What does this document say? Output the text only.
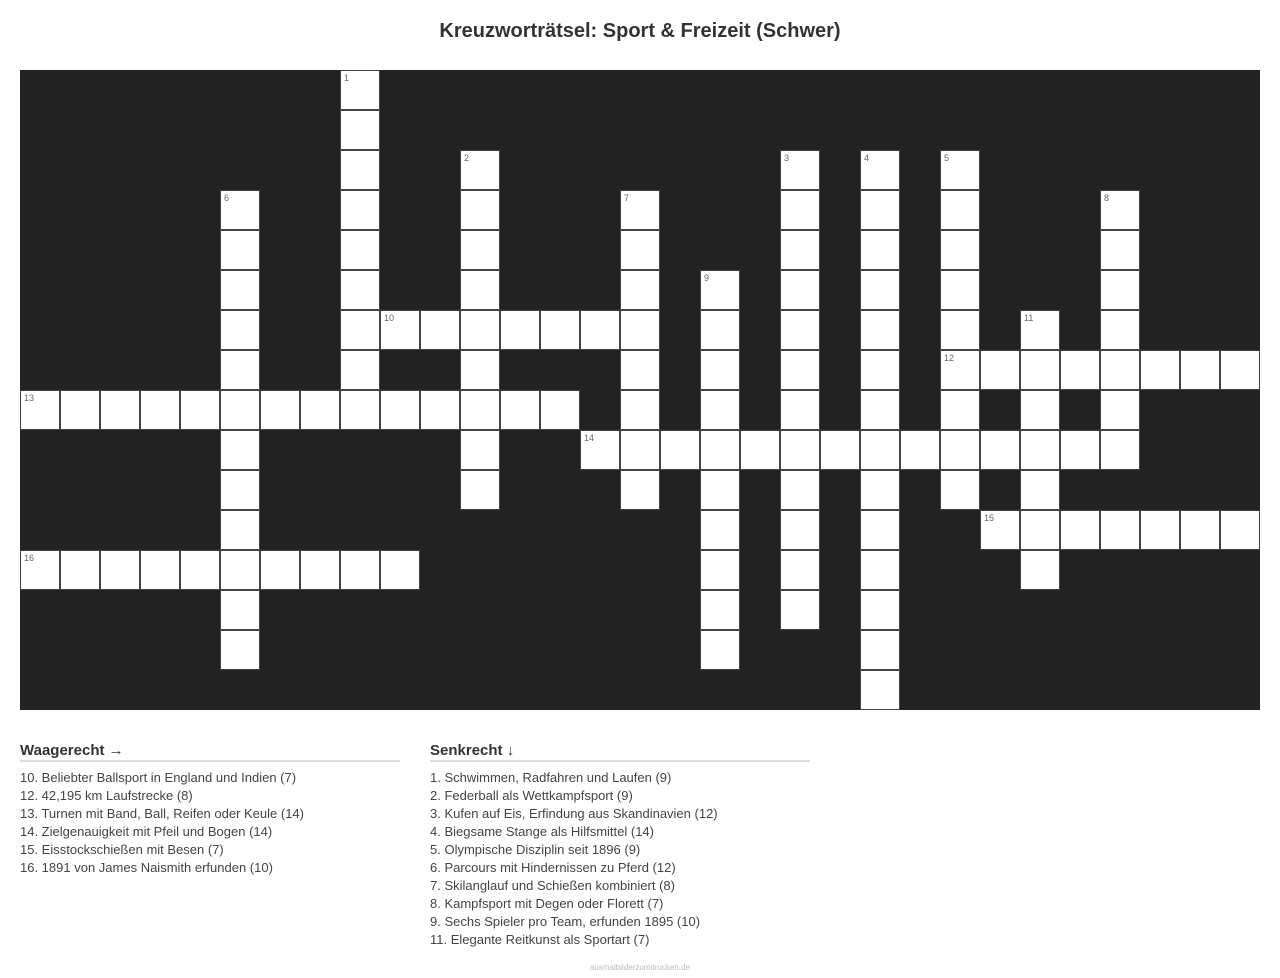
Kreuzworträtsel: Sport & Freizeit (Schwer)
1
2	3	4	5
12
6	7	8
9
10	11
13
14
15
16
Waagerecht →
10. Beliebter Ballsport in England und Indien (7)
12. 42,195 km Laufstrecke (8)
13. Turnen mit Band, Ball, Reifen oder Keule (14)
14. Zielgenauigkeit mit Pfeil und Bogen (14)
15. Eisstockschießen mit Besen (7)
16. 1891 von James Naismith erfunden (10)
Senkrecht ↓
1. Schwimmen, Radfahren und Laufen (9)
2. Federball als Wettkampfsport (9)
3. Kufen auf Eis, Erfindung aus Skandinavien (12)
4. Biegsame Stange als Hilfsmittel (14)
5. Olympische Disziplin seit 1896 (9)
6. Parcours mit Hindernissen zu Pferd (12)
7. Skilanglauf und Schießen kombiniert (8)
8. Kampfsport mit Degen oder Florett (7)
9. Sechs Spieler pro Team, erfunden 1895 (10)
11. Elegante Reitkunst als Sportart (7)
ausmalbilderzumdrucken.de
